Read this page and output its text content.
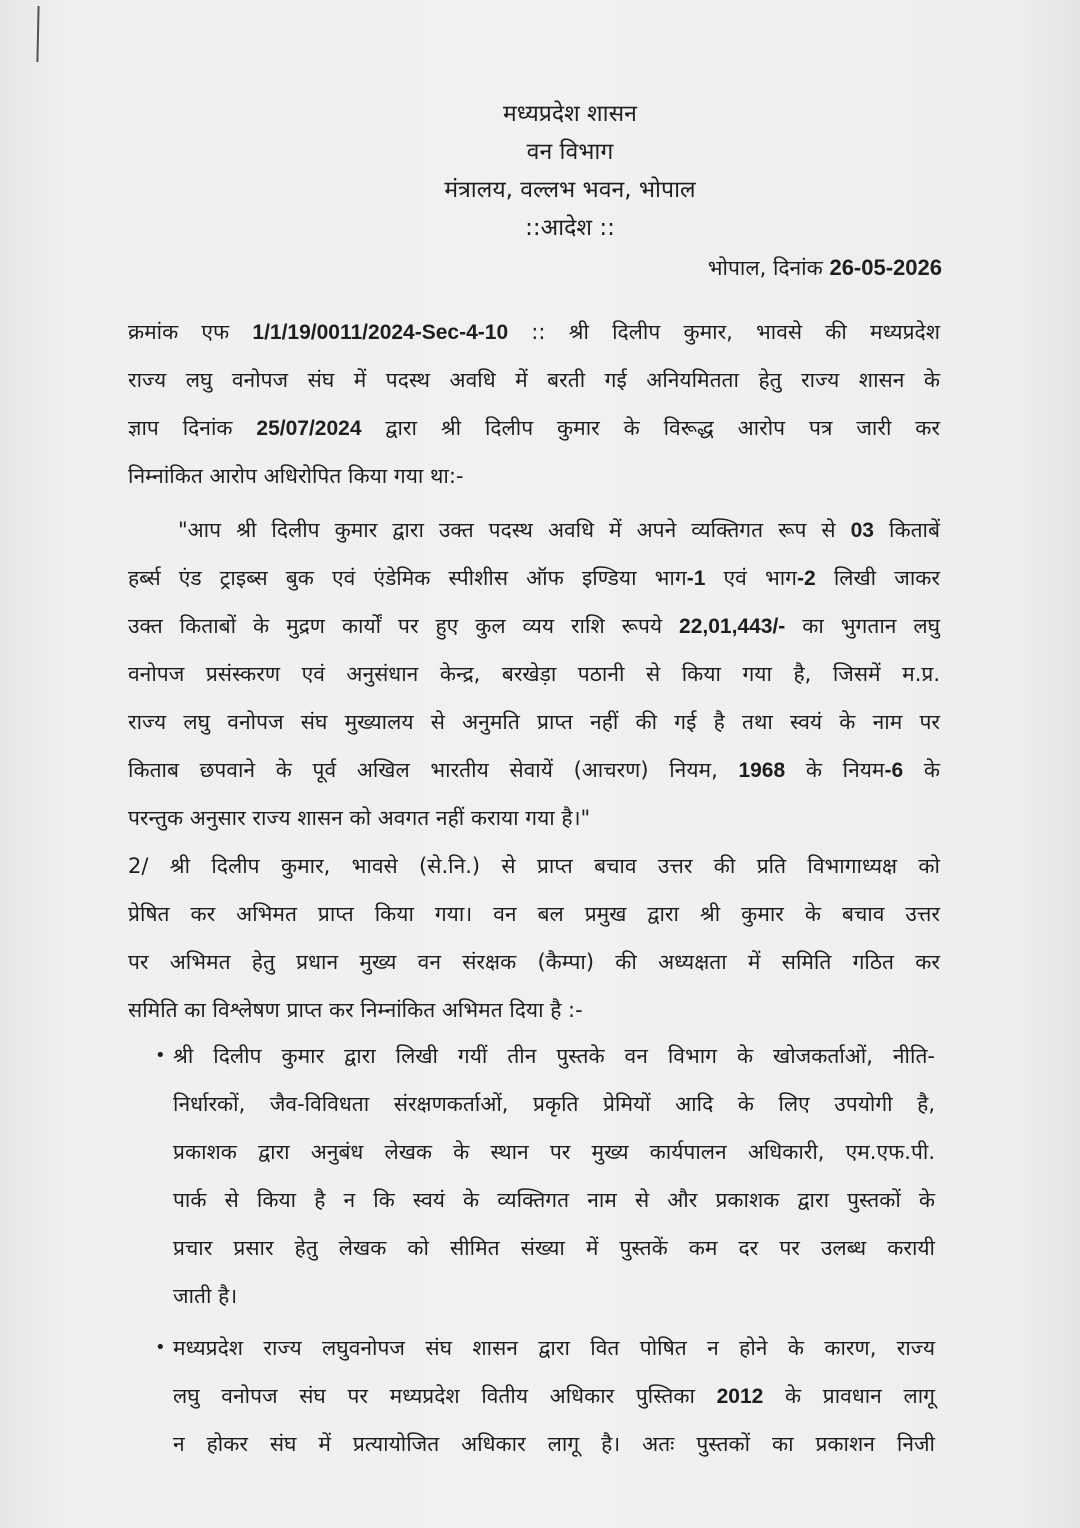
मध्यप्रदेश शासन
वन विभाग
मंत्रालय, वल्लभ भवन, भोपाल
::आदेश ::
भोपाल, दिनांक 26-05-2026
क्रमांक एफ 1/1/19/0011/2024-Sec-4-10 :: श्री दिलीप कुमार, भावसे की मध्यप्रदेश
राज्य लघु वनोपज संघ में पदस्थ अवधि में बरती गई अनियमितता हेतु राज्य शासन के
ज्ञाप दिनांक 25/07/2024 द्वारा श्री दिलीप कुमार के विरूद्ध आरोप पत्र जारी कर
निम्नांकित आरोप अधिरोपित किया गया था:-
"आप श्री दिलीप कुमार द्वारा उक्त पदस्थ अवधि में अपने व्यक्तिगत रूप से 03 किताबें
हर्ब्स एंड ट्राइब्स बुक एवं एंडेमिक स्पीशीस ऑफ इण्डिया भाग-1 एवं भाग-2 लिखी जाकर
उक्त किताबों के मुद्रण कार्यों पर हुए कुल व्यय राशि रूपये 22,01,443/- का भुगतान लघु
वनोपज प्रसंस्करण एवं अनुसंधान केन्द्र, बरखेड़ा पठानी से किया गया है, जिसमें म.प्र.
राज्य लघु वनोपज संघ मुख्यालय से अनुमति प्राप्त नहीं की गई है तथा स्वयं के नाम पर
किताब छपवाने के पूर्व अखिल भारतीय सेवायें (आचरण) नियम, 1968 के नियम-6 के
परन्तुक अनुसार राज्य शासन को अवगत नहीं कराया गया है।"
2/ श्री दिलीप कुमार, भावसे (से.नि.) से प्राप्त बचाव उत्तर की प्रति विभागाध्यक्ष को
प्रेषित कर अभिमत प्राप्त किया गया। वन बल प्रमुख द्वारा श्री कुमार के बचाव उत्तर
पर अभिमत हेतु प्रधान मुख्य वन संरक्षक (कैम्पा) की अध्यक्षता में समिति गठित कर
समिति का विश्लेषण प्राप्त कर निम्नांकित अभिमत दिया है :-
• श्री दिलीप कुमार द्वारा लिखी गयीं तीन पुस्तके वन विभाग के खोजकर्ताओं, नीति-
निर्धारकों, जैव-विविधता संरक्षणकर्ताओं, प्रकृति प्रेमियों आदि के लिए उपयोगी है,
प्रकाशक द्वारा अनुबंध लेखक के स्थान पर मुख्य कार्यपालन अधिकारी, एम.एफ.पी.
पार्क से किया है न कि स्वयं के व्यक्तिगत नाम से और प्रकाशक द्वारा पुस्तकों के
प्रचार प्रसार हेतु लेखक को सीमित संख्या में पुस्तकें कम दर पर उलब्ध करायी
जाती है।
• मध्यप्रदेश राज्य लघुवनोपज संघ शासन द्वारा वित पोषित न होने के कारण, राज्य
लघु वनोपज संघ पर मध्यप्रदेश वितीय अधिकार पुस्तिका 2012 के प्रावधान लागू
न होकर संघ में प्रत्यायोजित अधिकार लागू है। अतः पुस्तकों का प्रकाशन निजी
